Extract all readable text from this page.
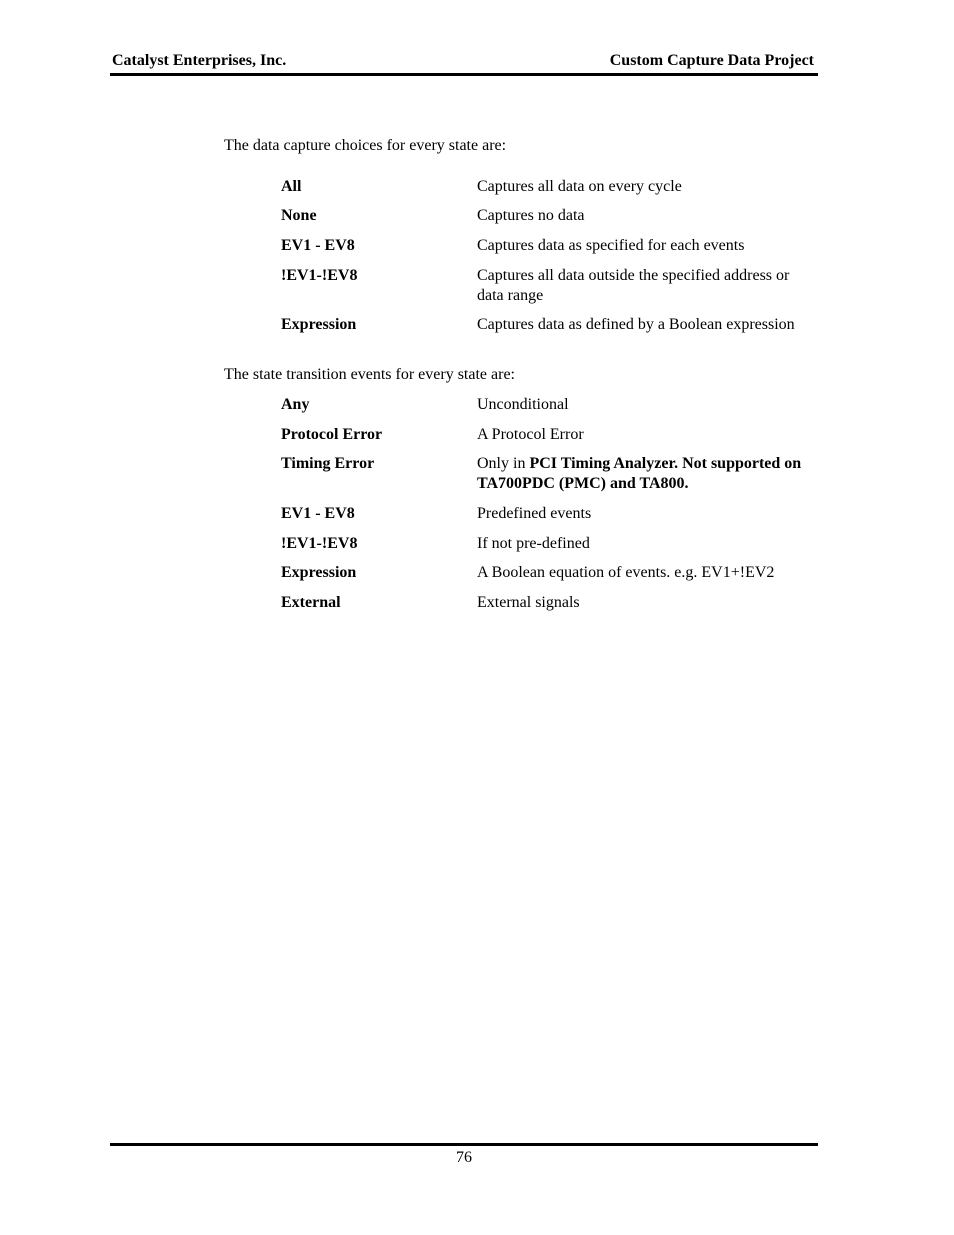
Catalyst Enterprises, Inc.	Custom Capture Data Project
The data capture choices for every state are:
All	Captures all data on every cycle
None	Captures no data
EV1 - EV8	Captures data as specified for each events
!EV1-!EV8	Captures all data outside the specified address or data range
Expression	Captures data as defined by a Boolean expression
The state transition events for every state are:
Any	Unconditional
Protocol Error	A Protocol Error
Timing Error	Only in PCI Timing Analyzer. Not supported on TA700PDC (PMC) and TA800.
EV1 - EV8	Predefined events
!EV1-!EV8	If not pre-defined
Expression	A Boolean equation of events. e.g. EV1+!EV2
External	External signals
76
